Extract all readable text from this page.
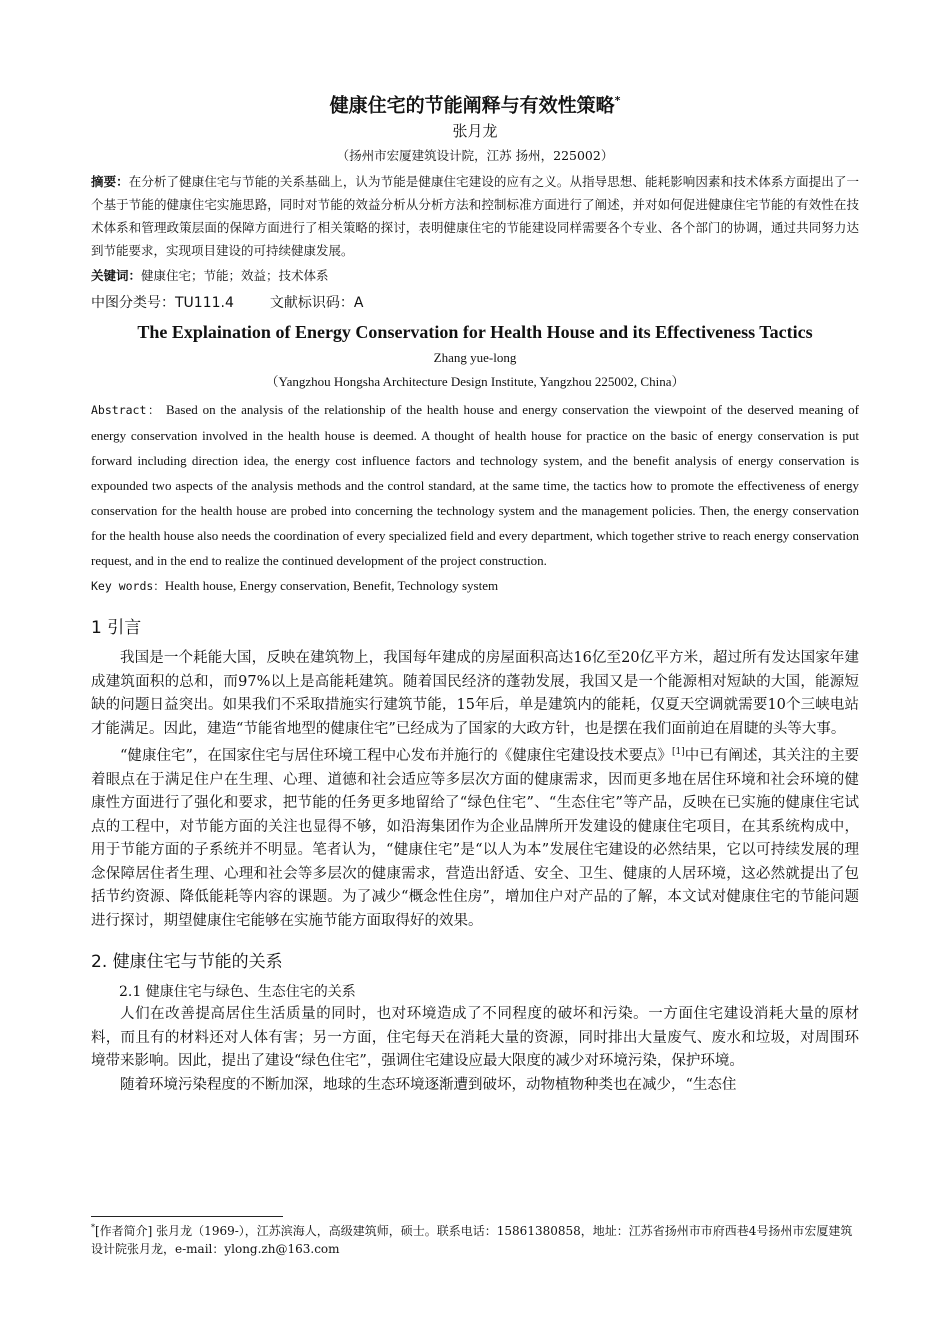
健康住宅的节能阐释与有效性策略*
张月龙
（扬州市宏厦建筑设计院，江苏 扬州，225002）

摘要：在分析了健康住宅与节能的关系基础上，认为节能是健康住宅建设的应有之义。从指导思想、能耗影响因素和技术体系方面提出了一个基于节能的健康住宅实施思路，同时对节能的效益分析从分析方法和控制标准方面进行了阐述，并对如何促进健康住宅节能的有效性在技术体系和管理政策层面的保障方面进行了相关策略的探讨，表明健康住宅的节能建设同样需要各个专业、各个部门的协调，通过共同努力达到节能要求，实现项目建设的可持续健康发展。

关键词：健康住宅；节能；效益；技术体系

中图分类号：TU111.4	文献标识码：A

The Explaination of Energy Conservation for Health House and its Effectiveness Tactics
Zhang yue-long
（Yangzhou Hongsha Architecture Design Institute, Yangzhou 225002, China）

Abstract： Based on the analysis of the relationship of the health house and energy conservation the viewpoint of the deserved meaning of energy conservation involved in the health house is deemed. A thought of health house for practice on the basic of energy conservation is put forward including direction idea, the energy cost influence factors and technology system, and the benefit analysis of energy conservation is expounded two aspects of the analysis methods and the control standard, at the same time, the tactics how to promote the effectiveness of energy conservation for the health house are probed into concerning the technology system and the management policies. Then, the energy conservation for the health house also needs the coordination of every specialized field and every department, which together strive to reach energy conservation request, and in the end to realize the continued development of the project construction.

Key words：Health house, Energy conservation, Benefit, Technology system

1 引言

我国是一个耗能大国，反映在建筑物上，我国每年建成的房屋面积高达16亿至20亿平方米，超过所有发达国家年建成建筑面积的总和，而97%以上是高能耗建筑。随着国民经济的蓬勃发展，我国又是一个能源相对短缺的大国，能源短缺的问题日益突出。如果我们不采取措施实行建筑节能，15年后，单是建筑内的能耗，仅夏天空调就需要10个三峡电站才能满足。因此，建造“节能省地型的健康住宅”已经成为了国家的大政方针，也是摆在我们面前迫在眉睫的头等大事。

“健康住宅”，在国家住宅与居住环境工程中心发布并施行的《健康住宅建设技术要点》[1]中已有阐述，其关注的主要着眼点在于满足住户在生理、心理、道德和社会适应等多层次方面的健康需求，因而更多地在居住环境和社会环境的健康性方面进行了强化和要求，把节能的任务更多地留给了“绿色住宅”、“生态住宅”等产品，反映在已实施的健康住宅试点的工程中，对节能方面的关注也显得不够，如沿海集团作为企业品牌所开发建设的健康住宅项目，在其系统构成中，用于节能方面的子系统并不明显。笔者认为，“健康住宅”是“以人为本”发展住宅建设的必然结果，它以可持续发展的理念保障居住者生理、心理和社会等多层次的健康需求，营造出舒适、安全、卫生、健康的人居环境，这必然就提出了包括节约资源、降低能耗等内容的课题。为了减少“概念性住房”，增加住户对产品的了解，本文试对健康住宅的节能问题进行探讨，期望健康住宅能够在实施节能方面取得好的效果。

2. 健康住宅与节能的关系
2.1 健康住宅与绿色、生态住宅的关系

人们在改善提高居住生活质量的同时，也对环境造成了不同程度的破坏和污染。一方面住宅建设消耗大量的原材料，而且有的材料还对人体有害；另一方面，住宅每天在消耗大量的资源，同时排出大量废气、废水和垃圾，对周围环境带来影响。因此，提出了建设“绿色住宅”，强调住宅建设应最大限度的减少对环境污染，保护环境。

随着环境污染程度的不断加深，地球的生态环境逐渐遭到破坏，动物植物种类也在减少，“生态住

*[作者简介] 张月龙（1969-），江苏滨海人，高级建筑师，硕士。联系电话：15861380858，地址：江苏省扬州市市府西巷4号扬州市宏厦建筑设计院张月龙，e-mail：ylong.zh@163.com
